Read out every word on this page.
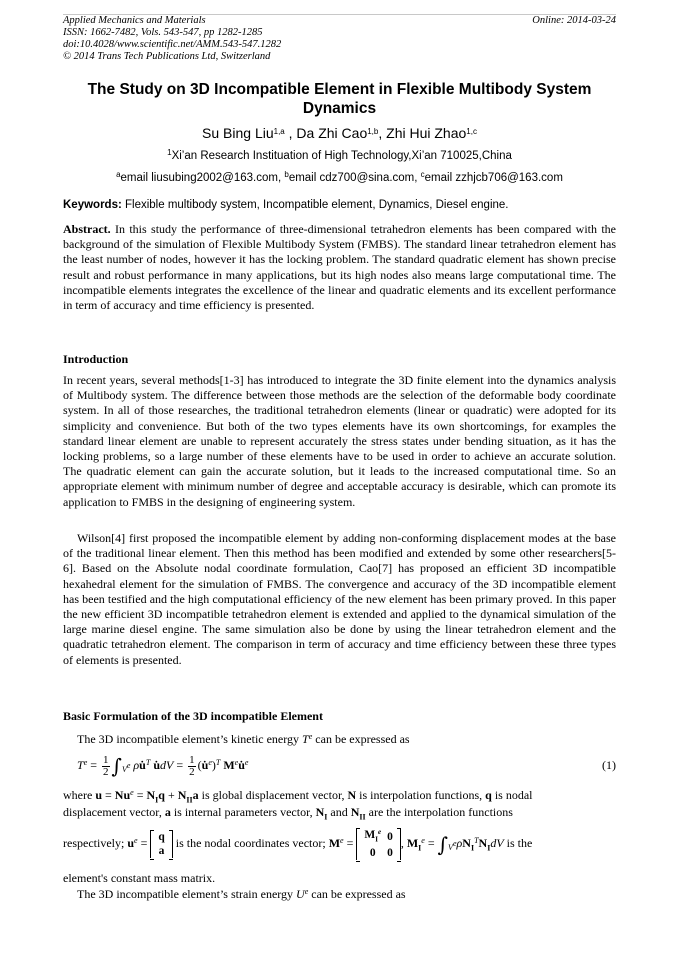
Applied Mechanics and Materials
ISSN: 1662-7482, Vols. 543-547, pp 1282-1285
doi:10.4028/www.scientific.net/AMM.543-547.1282
© 2014 Trans Tech Publications Ltd, Switzerland
Online: 2014-03-24
The Study on 3D Incompatible Element in Flexible Multibody System Dynamics
Su Bing Liu$^{1,a}$ , Da Zhi Cao$^{1,b}$, Zhi Hui Zhao$^{1,c}$
$^1$Xi’an Research Instituation of High Technology,Xi’an 710025,China
$^a$email liusubing2002@163.com, $^b$email cdz700@sina.com, $^c$email zzhjcb706@163.com
Keywords: Flexible multibody system, Incompatible element, Dynamics, Diesel engine.
Abstract. In this study the performance of three-dimensional tetrahedron elements has been compared with the background of the simulation of Flexible Multibody System (FMBS). The standard linear tetrahedron element has the least number of nodes, however it has the locking problem. The standard quadratic element has shown precise result and robust performance in many applications, but its high nodes also means large computational time. The incompatible elements integrates the excellence of the linear and quadratic elements and its excellent performance in term of accuracy and time efficiency is presented.
Introduction
In recent years, several methods[1-3] has introduced to integrate the 3D finite element into the dynamics analysis of Multibody system. The difference between those methods are the selection of the deformable body coordinate system. In all of those researches, the traditional tetrahedron elements (linear or quadratic) were adopted for its simplicity and convenience. But both of the two types elements have its own shortcomings, for examples the standard linear element are unable to represent accurately the stress states under bending situation, as it has the locking problems, so a large number of these elements have to be used in order to achieve an accurate solution. The quadratic element can gain the accurate solution, but it leads to the increased computational time. So an appropriate element with minimum number of degree and acceptable accuracy is desirable, which can promote its application to FMBS in the designing of engineering system.
Wilson[4] first proposed the incompatible element by adding non-conforming displacement modes at the base of the traditional linear element. Then this method has been modified and extended by some other researchers[5-6]. Based on the Absolute nodal coordinate formulation, Cao[7] has proposed an efficient 3D incompatible hexahedral element for the simulation of FMBS. The convergence and accuracy of the 3D incompatible element has been testified and the high computational efficiency of the new element has been primary proved. In this paper the new efficient 3D incompatible tetrahedron element is extended and applied to the dynamical simulation of the large marine diesel engine. The same simulation also be done by using the linear tetrahedron element and the quadratic tetrahedron element. The comparison in term of accuracy and time efficiency between these three types of elements is presented.
Basic Formulation of the 3D incompatible Element
The 3D incompatible element’s kinetic energy $T^e$ can be expressed as
$T^e = \frac{1}{2} \int_{V^e}$ ρu̇$^T$ u̇dV = $\frac{1}{2}$ (u̇$^e$)$^T$ Meu̇$^e$	(1)
where $u = Nu^e = N_Iq + N_{II}a$ is global displacement vector, N is interpolation functions, q is nodal
displacement vector, a is internal parameters vector, $N_I$ and $N_{II}$ are the interpolation functions
respectively; $u^e = q$
a
is the nodal coordinates vector; $M^e$ =
$M_I^e$	0
0	0
, $M_I^e = \int_{V^e}\rho N_I^TN_IdV$ is the
element's constant mass matrix.
The 3D incompatible element’s strain energy $U^e$ can be expressed as
